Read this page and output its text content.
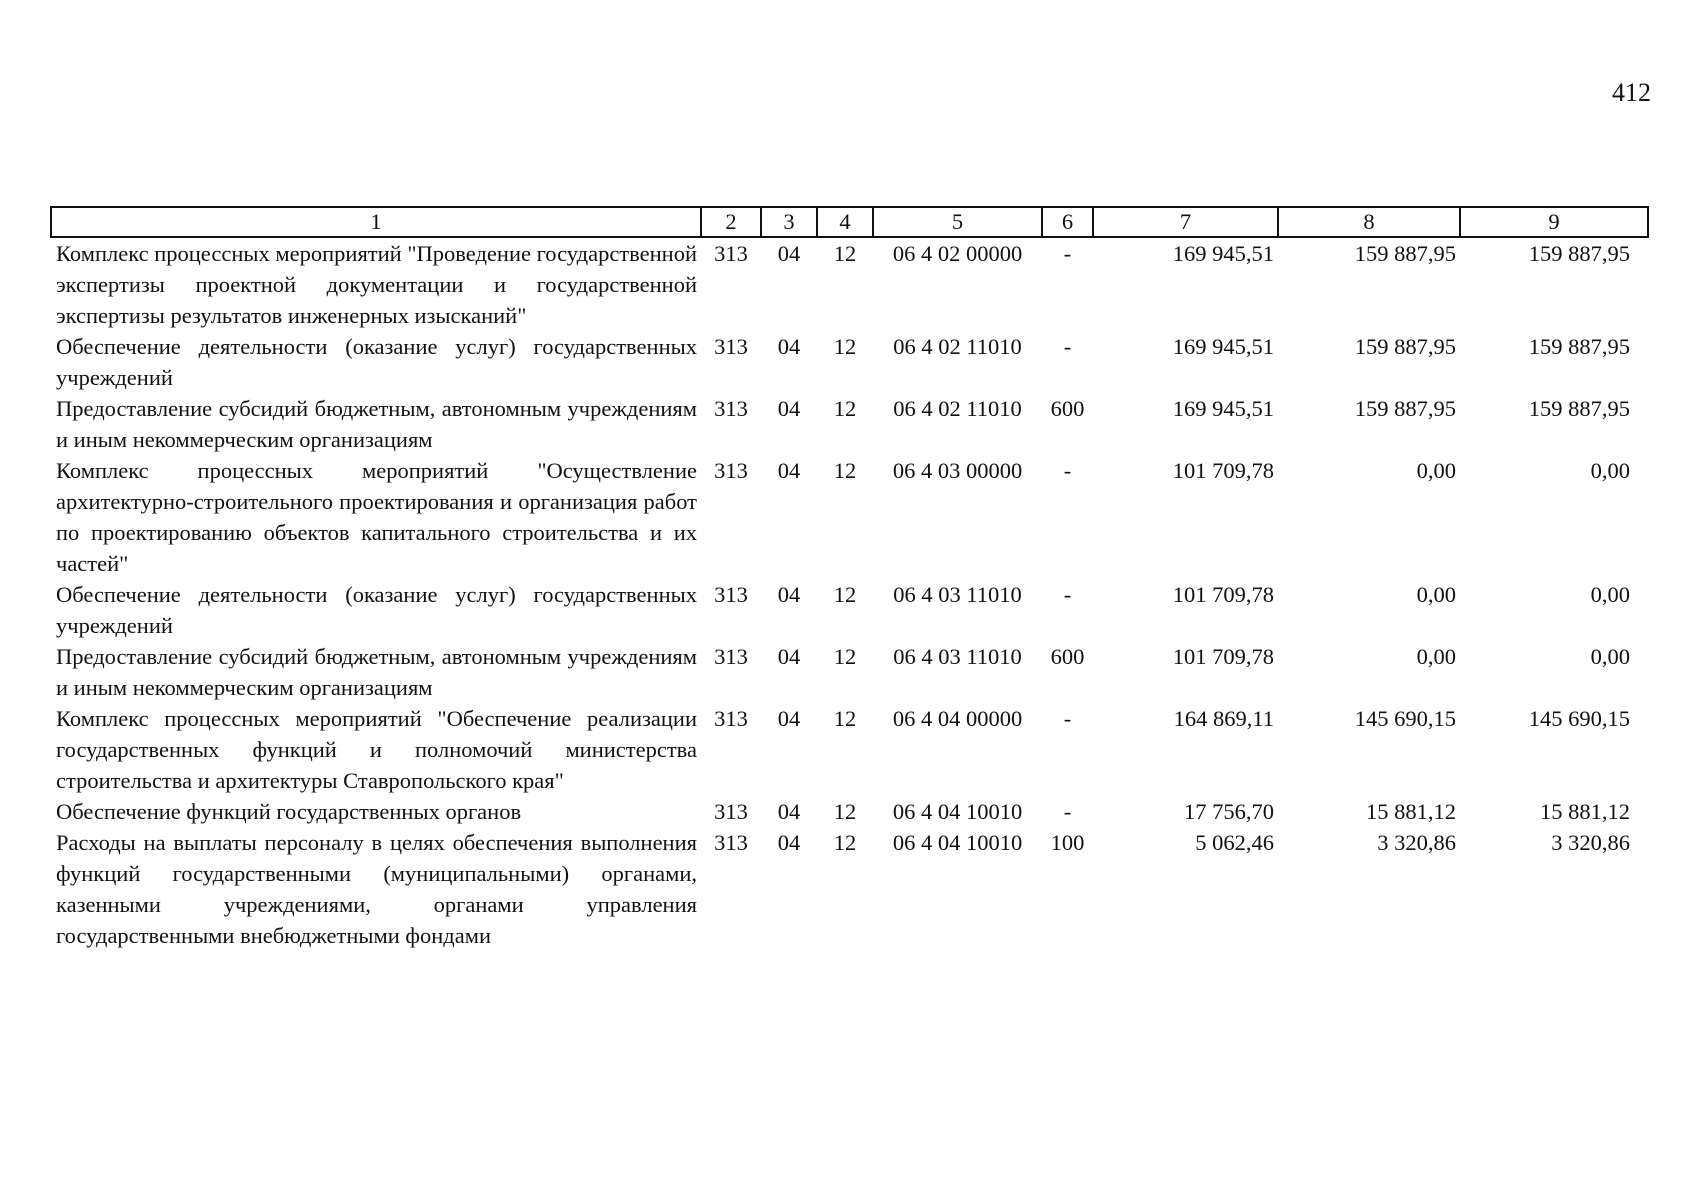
412
1	2	3	4	5	6	7	8	9
Комплекс процессных мероприятий "Проведение государственной экспертизы проектной документации и государственной экспертизы результатов инженерных изысканий"	313	04	12	06 4 02 00000	-	169 945,51	159 887,95	159 887,95
Обеспечение деятельности (оказание услуг) государственных учреждений	313	04	12	06 4 02 11010	-	169 945,51	159 887,95	159 887,95
Предоставление субсидий бюджетным, автономным учреждениям и иным некоммерческим организациям	313	04	12	06 4 02 11010	600	169 945,51	159 887,95	159 887,95
Комплекс процессных мероприятий "Осуществление архитектурно-строительного проектирования и организация работ по проектированию объектов капитального строительства и их частей"	313	04	12	06 4 03 00000	-	101 709,78	0,00	0,00
Обеспечение деятельности (оказание услуг) государственных учреждений	313	04	12	06 4 03 11010	-	101 709,78	0,00	0,00
Предоставление субсидий бюджетным, автономным учреждениям и иным некоммерческим организациям	313	04	12	06 4 03 11010	600	101 709,78	0,00	0,00
Комплекс процессных мероприятий "Обеспечение реализации государственных функций и полномочий министерства строительства и архитектуры Ставропольского края"	313	04	12	06 4 04 00000	-	164 869,11	145 690,15	145 690,15
Обеспечение функций государственных органов	313	04	12	06 4 04 10010	-	17 756,70	15 881,12	15 881,12
Расходы на выплаты персоналу в целях обеспечения выполнения функций государственными (муниципальными) органами, казенными учреждениями, органами управления государственными внебюджетными фондами	313	04	12	06 4 04 10010	100	5 062,46	3 320,86	3 320,86
